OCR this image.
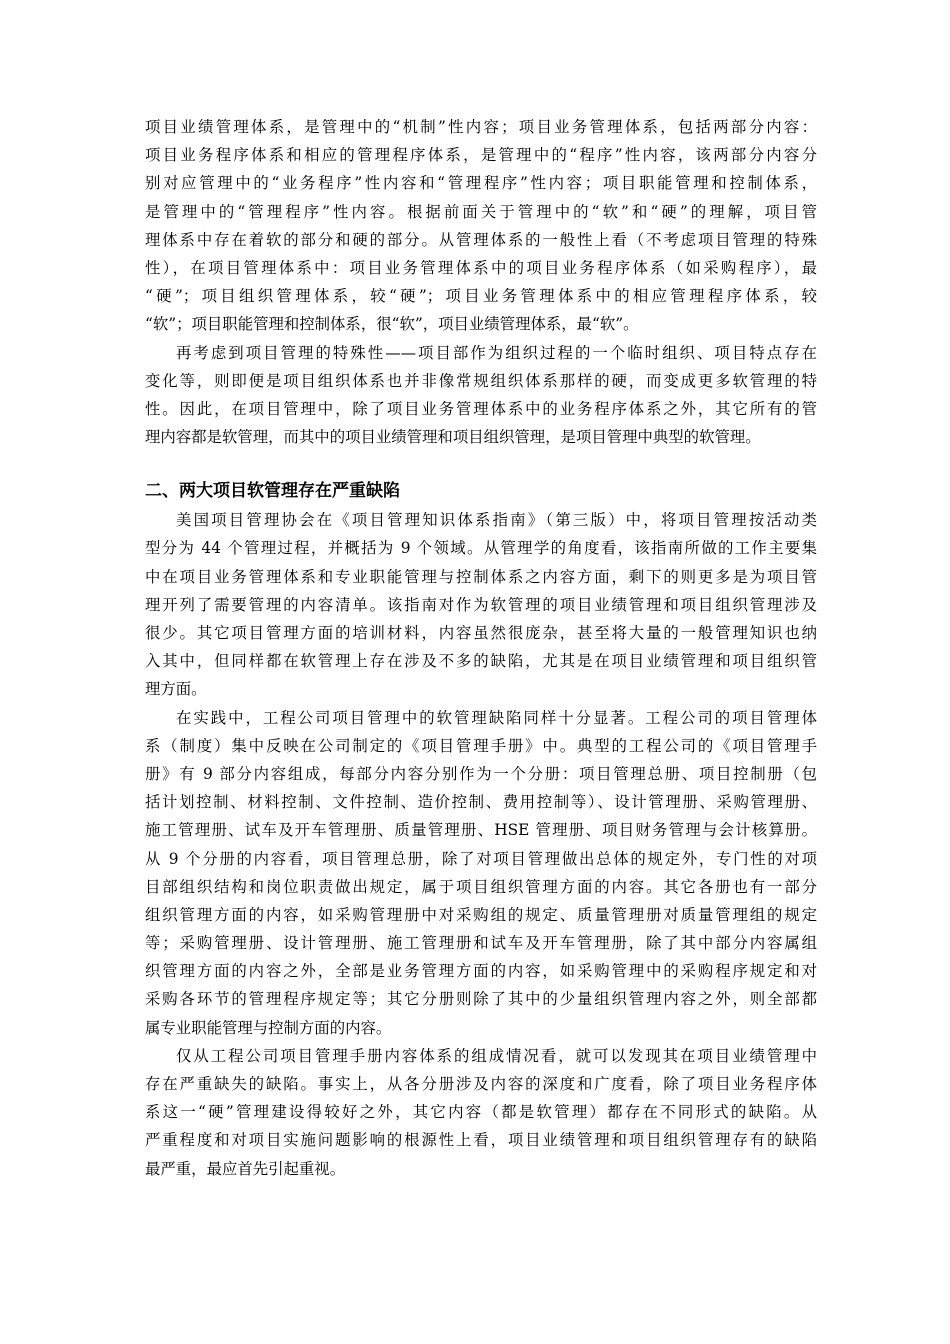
项目业绩管理体系，是管理中的“机制”性内容；项目业务管理体系，包括两部分内容：
项目业务程序体系和相应的管理程序体系，是管理中的“程序”性内容，该两部分内容分
别对应管理中的“业务程序”性内容和“管理程序”性内容；项目职能管理和控制体系，
是管理中的“管理程序”性内容。根据前面关于管理中的“软”和“硬”的理解，项目管
理体系中存在着软的部分和硬的部分。从管理体系的一般性上看（不考虑项目管理的特殊
性），在项目管理体系中：项目业务管理体系中的项目业务程序体系（如采购程序），最
“硬”；项目组织管理体系，较“硬”；项目业务管理体系中的相应管理程序体系，较
“软”；项目职能管理和控制体系，很“软”，项目业绩管理体系，最“软”。
再考虑到项目管理的特殊性——项目部作为组织过程的一个临时组织、项目特点存在
变化等，则即便是项目组织体系也并非像常规组织体系那样的硬，而变成更多软管理的特
性。因此，在项目管理中，除了项目业务管理体系中的业务程序体系之外，其它所有的管
理内容都是软管理，而其中的项目业绩管理和项目组织管理，是项目管理中典型的软管理。
二、两大项目软管理存在严重缺陷
美国项目管理协会在《项目管理知识体系指南》（第三版）中，将项目管理按活动类
型分为 44 个管理过程，并概括为 9 个领域。从管理学的角度看，该指南所做的工作主要集
中在项目业务管理体系和专业职能管理与控制体系之内容方面，剩下的则更多是为项目管
理开列了需要管理的内容清单。该指南对作为软管理的项目业绩管理和项目组织管理涉及
很少。其它项目管理方面的培训材料，内容虽然很庞杂，甚至将大量的一般管理知识也纳
入其中，但同样都在软管理上存在涉及不多的缺陷，尤其是在项目业绩管理和项目组织管
理方面。
在实践中，工程公司项目管理中的软管理缺陷同样十分显著。工程公司的项目管理体
系（制度）集中反映在公司制定的《项目管理手册》中。典型的工程公司的《项目管理手
册》有 9 部分内容组成，每部分内容分别作为一个分册：项目管理总册、项目控制册（包
括计划控制、材料控制、文件控制、造价控制、费用控制等）、设计管理册、采购管理册、
施工管理册、试车及开车管理册、质量管理册、HSE 管理册、项目财务管理与会计核算册。
从 9 个分册的内容看，项目管理总册，除了对项目管理做出总体的规定外，专门性的对项
目部组织结构和岗位职责做出规定，属于项目组织管理方面的内容。其它各册也有一部分
组织管理方面的内容，如采购管理册中对采购组的规定、质量管理册对质量管理组的规定
等；采购管理册、设计管理册、施工管理册和试车及开车管理册，除了其中部分内容属组
织管理方面的内容之外，全部是业务管理方面的内容，如采购管理中的采购程序规定和对
采购各环节的管理程序规定等；其它分册则除了其中的少量组织管理内容之外，则全部都
属专业职能管理与控制方面的内容。
仅从工程公司项目管理手册内容体系的组成情况看，就可以发现其在项目业绩管理中
存在严重缺失的缺陷。事实上，从各分册涉及内容的深度和广度看，除了项目业务程序体
系这一“硬”管理建设得较好之外，其它内容（都是软管理）都存在不同形式的缺陷。从
严重程度和对项目实施问题影响的根源性上看，项目业绩管理和项目组织管理存有的缺陷
最严重，最应首先引起重视。
